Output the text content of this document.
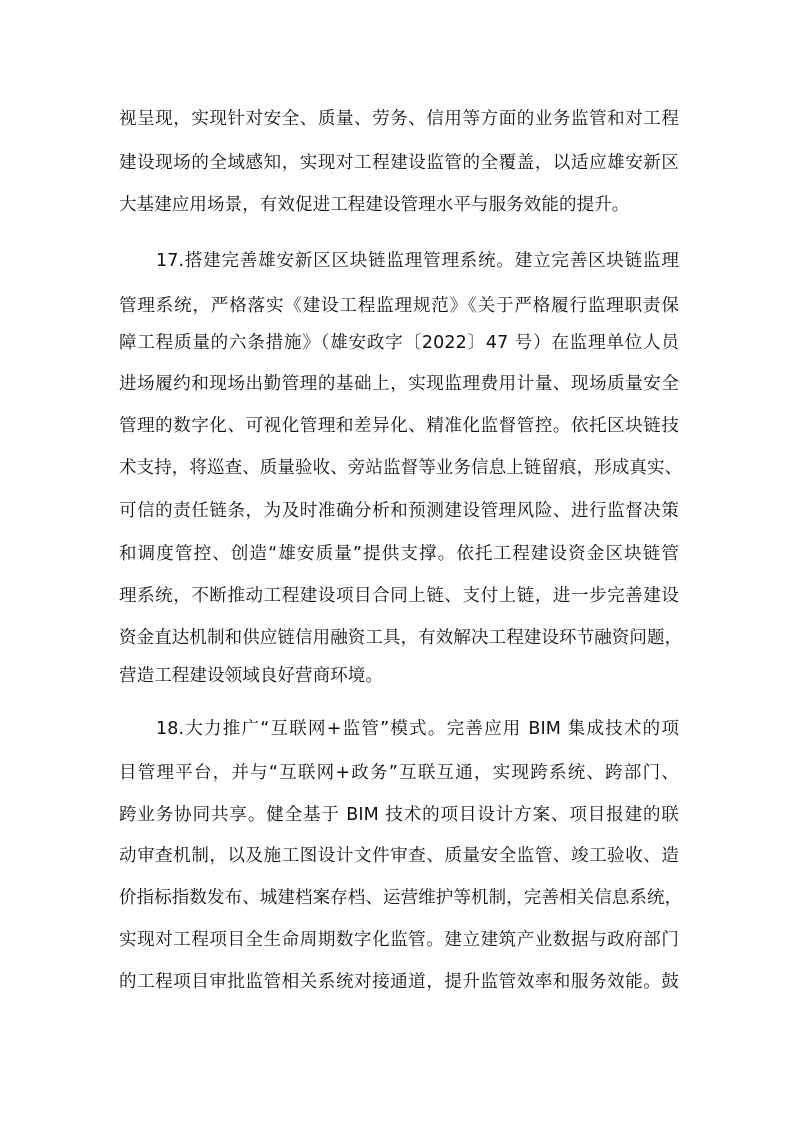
视呈现，实现针对安全、质量、劳务、信用等方面的业务监管和对工程
建设现场的全域感知，实现对工程建设监管的全覆盖，以适应雄安新区
大基建应用场景，有效促进工程建设管理水平与服务效能的提升。
17.搭建完善雄安新区区块链监理管理系统。建立完善区块链监理
管理系统，严格落实《建设工程监理规范》《关于严格履行监理职责保
障工程质量的六条措施》（雄安政字〔2022〕47 号）在监理单位人员
进场履约和现场出勤管理的基础上，实现监理费用计量、现场质量安全
管理的数字化、可视化管理和差异化、精准化监督管控。依托区块链技
术支持，将巡查、质量验收、旁站监督等业务信息上链留痕，形成真实、
可信的责任链条，为及时准确分析和预测建设管理风险、进行监督决策
和调度管控、创造“雄安质量”提供支撑。依托工程建设资金区块链管
理系统，不断推动工程建设项目合同上链、支付上链，进一步完善建设
资金直达机制和供应链信用融资工具，有效解决工程建设环节融资问题，
营造工程建设领域良好营商环境。
18.大力推广“互联网+监管”模式。完善应用 BIM 集成技术的项
目管理平台，并与“互联网+政务”互联互通，实现跨系统、跨部门、
跨业务协同共享。健全基于 BIM 技术的项目设计方案、项目报建的联
动审查机制，以及施工图设计文件审查、质量安全监管、竣工验收、造
价指标指数发布、城建档案存档、运营维护等机制，完善相关信息系统，
实现对工程项目全生命周期数字化监管。建立建筑产业数据与政府部门
的工程项目审批监管相关系统对接通道，提升监管效率和服务效能。鼓
